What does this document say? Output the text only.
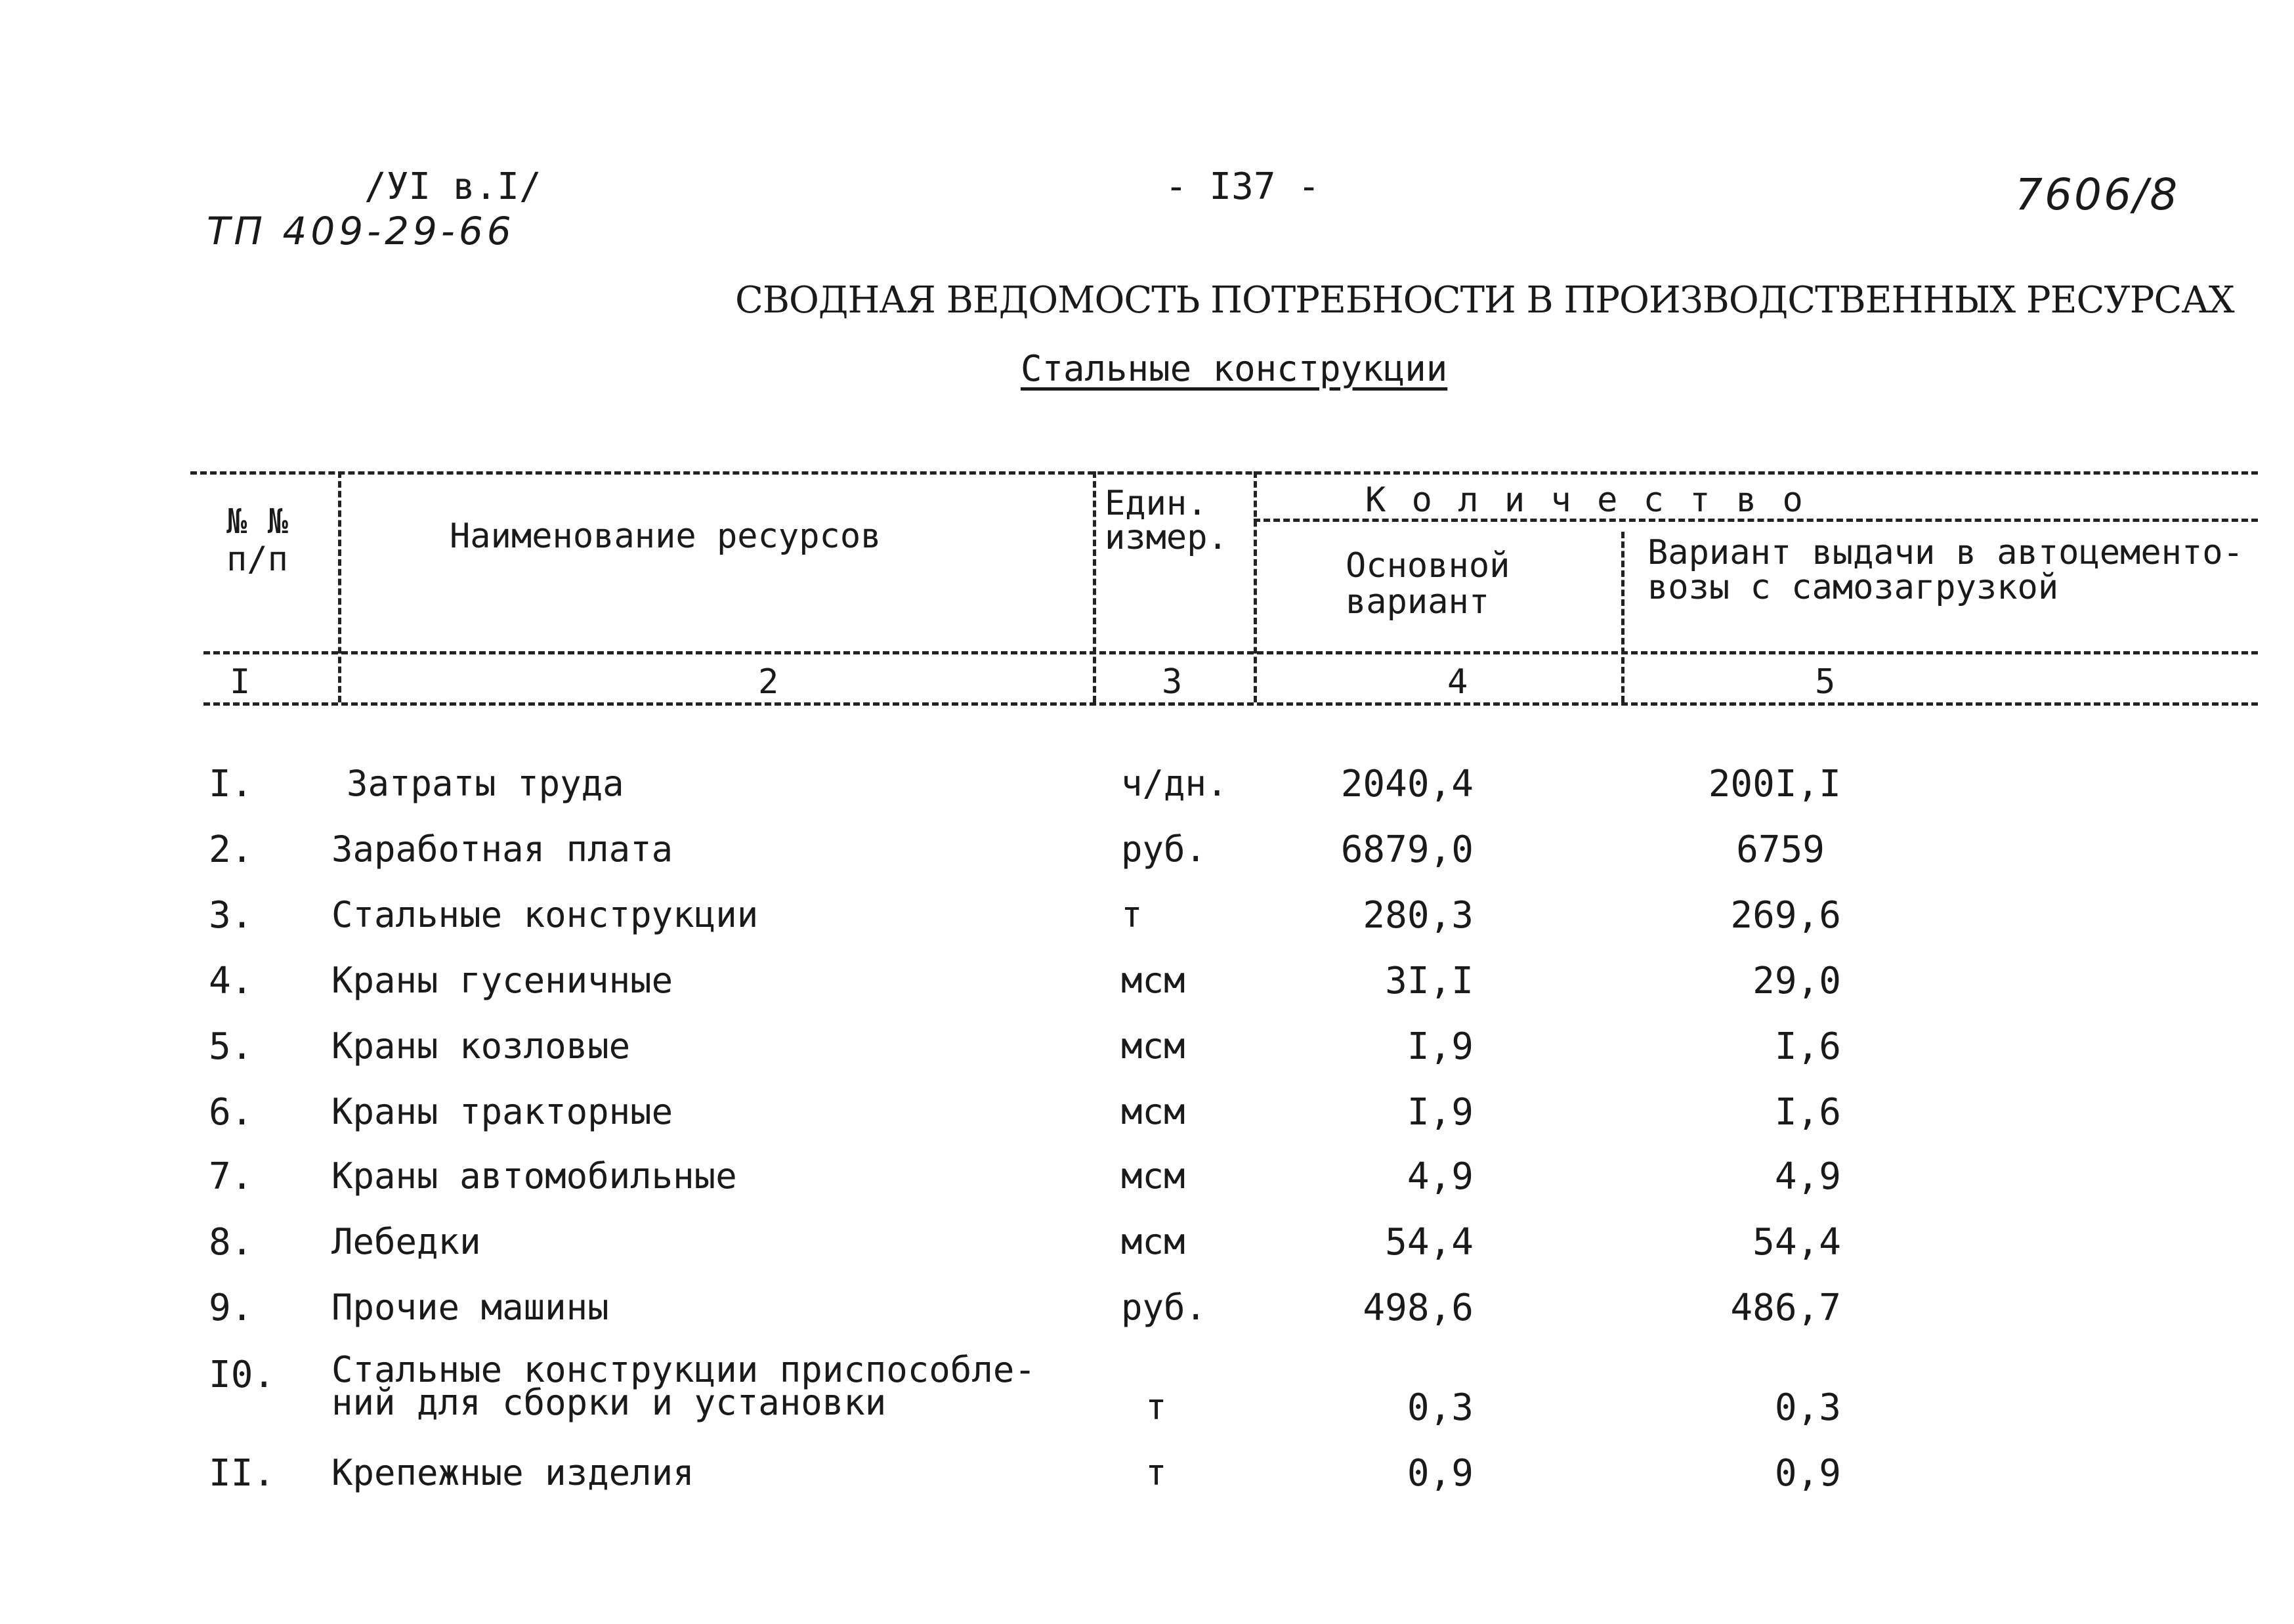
/УI в.I/
ТП 409-29-66
- I37 -	7606/8
СВОДНАЯ ВЕДОМОСТЬ ПОТРЕБНОСТИ В ПРОИЗВОДСТВЕННЫХ РЕСУРСАХ
Стальные конструкции
№ №
п/п
Наименование ресурсов
Един.
измер.
К о л и ч е с т в о
Основной
вариант
Вариант выдачи в автоцементо-
возы с самозагрузкой
I	2	3	4	5
I.	Затраты труда	ч/дн.	2040,4	200I,I
2. Заработная плата	руб.	6879,0	6759
3. Стальные конструкции	т	280,3	269,6
4. Краны гусеничные	мсм	3I,I	29,0
5. Краны козловые	мсм	I,9	I,6
6. Краны тракторные	мсм	I,9	I,6
7. Краны автомобильные	мсм	4,9	4,9
8. Лебедки	мсм	54,4	54,4
9. Прочие машины	руб.	498,6	486,7
I0. Стальные конструкции приспособле-
ний для сборки и установки	т	0,3	0,3
II. Крепежные изделия	т	0,9	0,9
